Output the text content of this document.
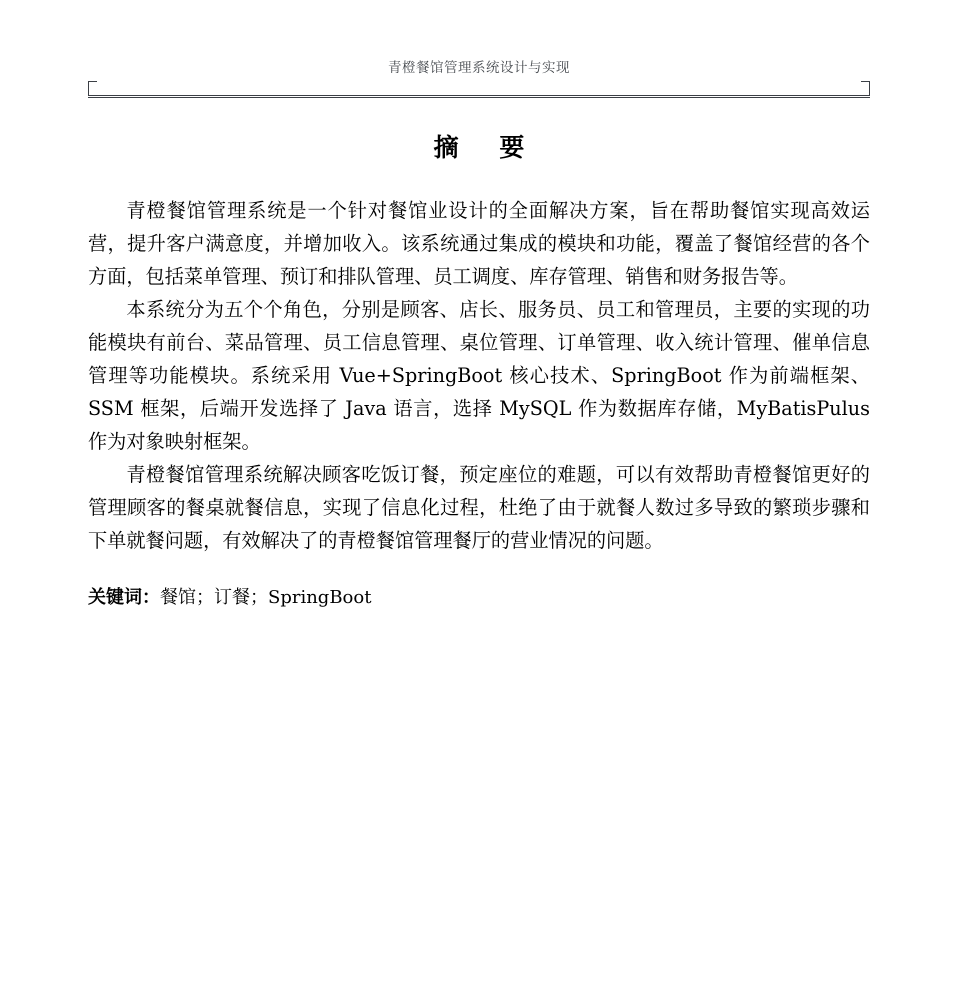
青橙餐馆管理系统设计与实现
摘 要

青橙餐馆管理系统是一个针对餐馆业设计的全面解决方案，旨在帮助餐馆实现高效运营，提升客户满意度，并增加收入。该系统通过集成的模块和功能，覆盖了餐馆经营的各个方面，包括菜单管理、预订和排队管理、员工调度、库存管理、销售和财务报告等。

本系统分为五个个角色，分别是顾客、店长、服务员、员工和管理员，主要的实现的功能模块有前台、菜品管理、员工信息管理、桌位管理、订单管理、收入统计管理、催单信息管理等功能模块。系统采用 Vue+SpringBoot 核心技术、SpringBoot 作为前端框架、SSM 框架，后端开发选择了 Java 语言，选择 MySQL 作为数据库存储，MyBatisPulus 作为对象映射框架。

青橙餐馆管理系统解决顾客吃饭订餐，预定座位的难题，可以有效帮助青橙餐馆更好的管理顾客的餐桌就餐信息，实现了信息化过程，杜绝了由于就餐人数过多导致的繁琐步骤和下单就餐问题，有效解决了的青橙餐馆管理餐厅的营业情况的问题。

关键词：餐馆；订餐；SpringBoot
